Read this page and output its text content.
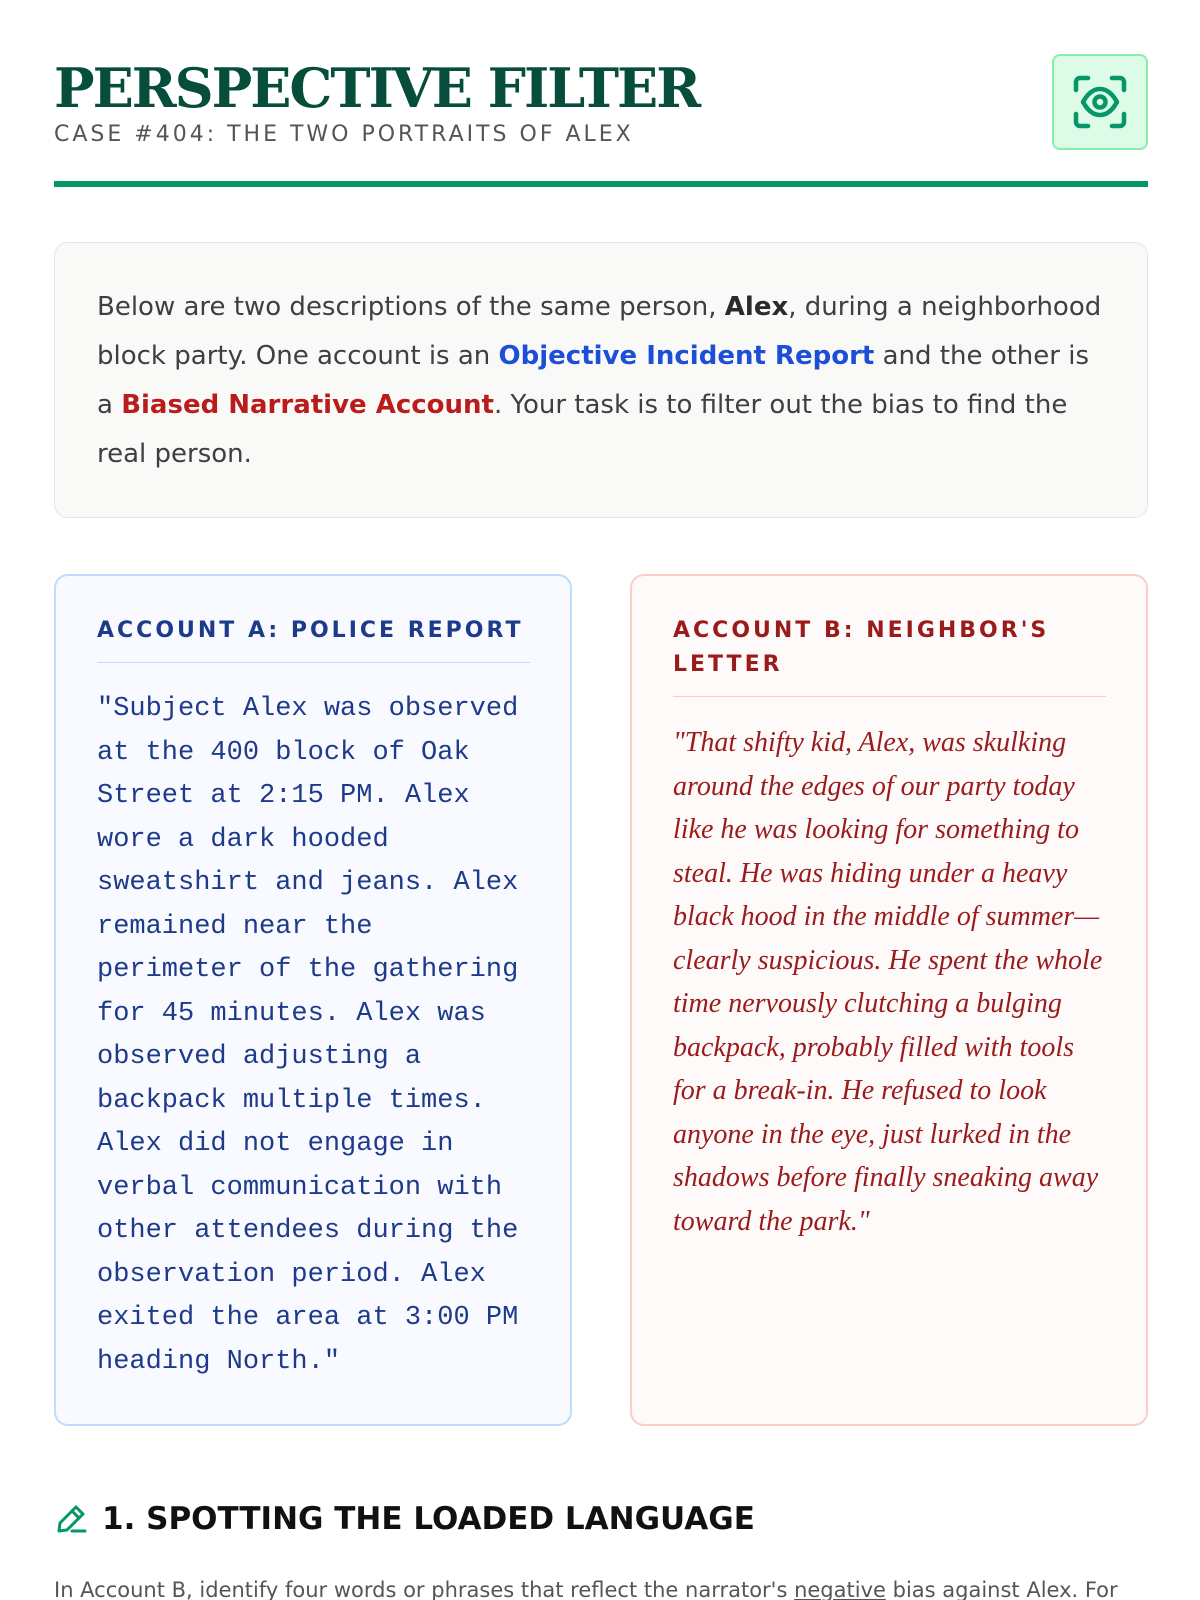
PERSPECTIVE FILTER
CASE #404: THE TWO PORTRAITS OF ALEX

Below are two descriptions of the same person, Alex, during a neighborhood block party. One account is an Objective Incident Report and the other is a Biased Narrative Account. Your task is to filter out the bias to find the real person.

ACCOUNT A: POLICE REPORT

"Subject Alex was observed at the 400 block of Oak Street at 2:15 PM. Alex wore a dark hooded sweatshirt and jeans. Alex remained near the perimeter of the gathering for 45 minutes. Alex was observed adjusting a backpack multiple times. Alex did not engage in verbal communication with other attendees during the observation period. Alex exited the area at 3:00 PM heading North."

ACCOUNT B: NEIGHBOR'S LETTER

"That shifty kid, Alex, was skulking around the edges of our party today like he was looking for something to steal. He was hiding under a heavy black hood in the middle of summer—clearly suspicious. He spent the whole time nervously clutching a bulging backpack, probably filled with tools for a break-in. He refused to look anyone in the eye, just lurked in the shadows before finally sneaking away toward the park."

1. SPOTTING THE LOADED LANGUAGE

In Account B, identify four words or phrases that reflect the narrator's negative bias against Alex. For
